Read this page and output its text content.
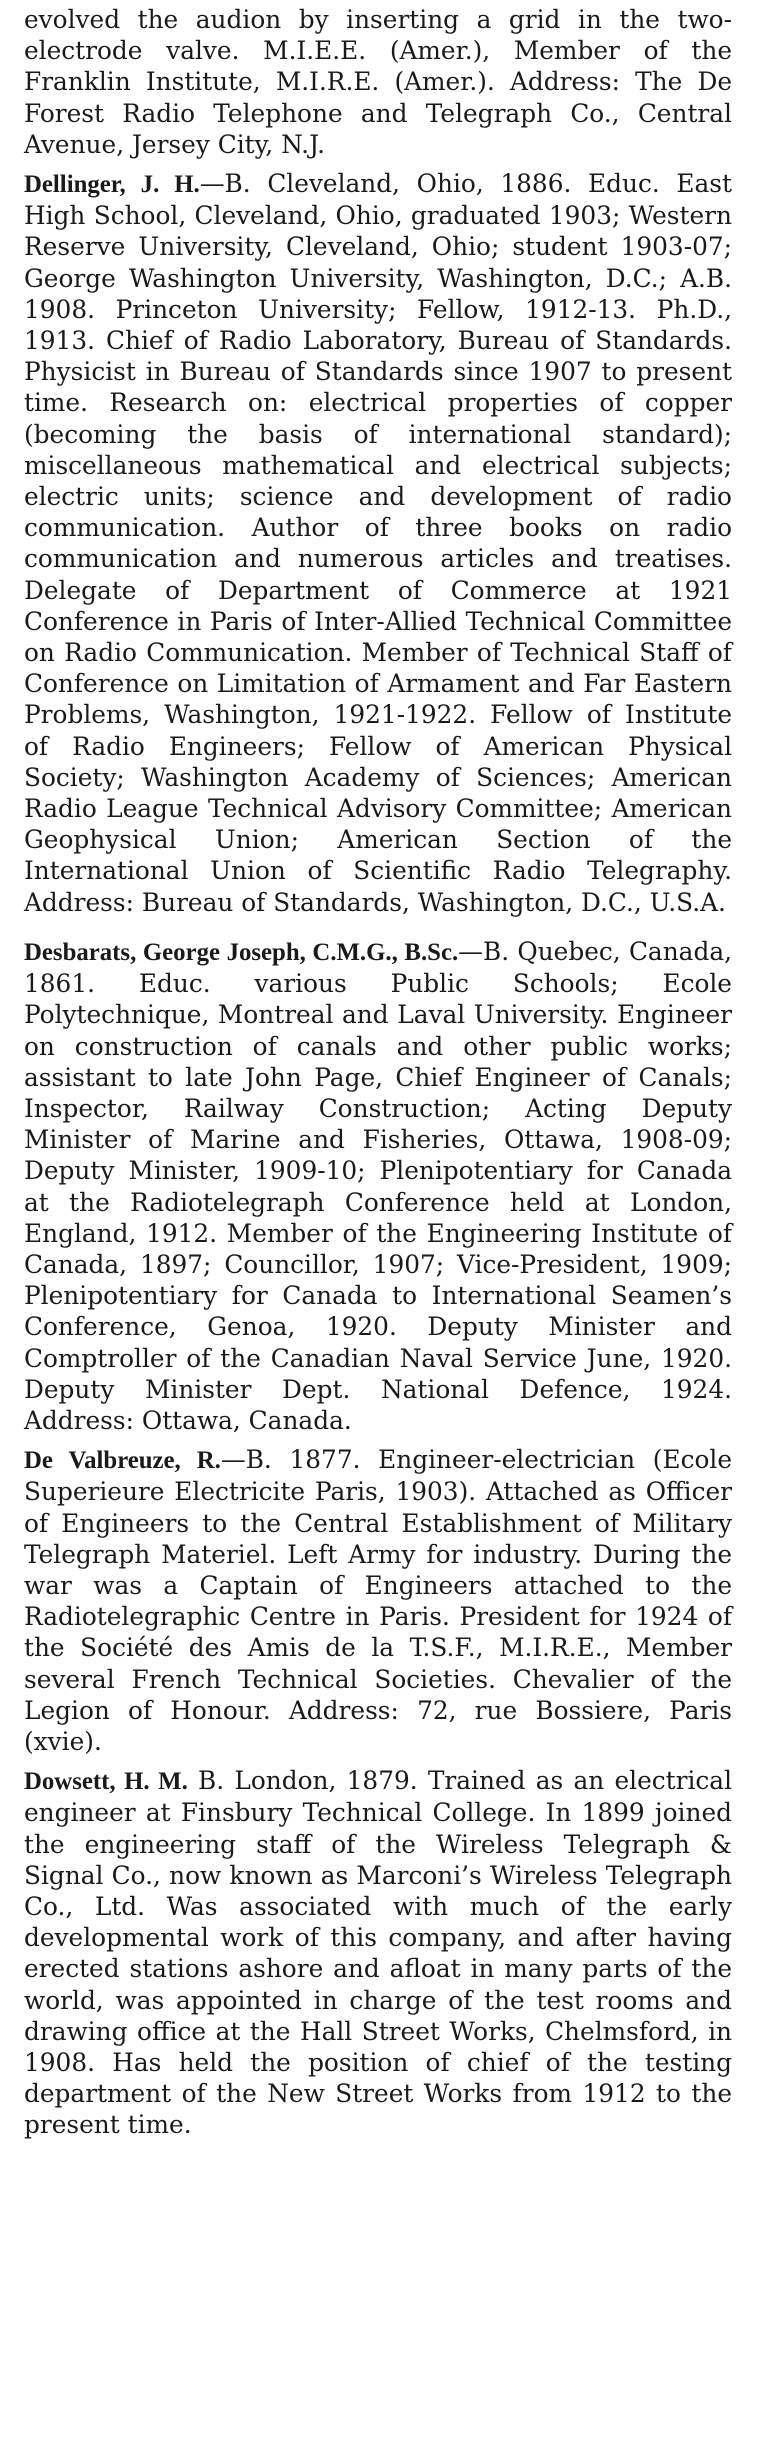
evolved the audion by inserting a grid in the two-electrode valve. M.I.E.E. (Amer.), Member of the Franklin Institute, M.I.R.E. (Amer.). Address: The De Forest Radio Telephone and Telegraph Co., Central Avenue, Jersey City, N.J.

Dellinger, J. H.—B. Cleveland, Ohio, 1886. Educ. East High School, Cleveland, Ohio, graduated 1903; Western Reserve University, Cleveland, Ohio; student 1903-07; George Washington University, Washington, D.C.; A.B. 1908. Princeton University; Fellow, 1912-13. Ph.D., 1913. Chief of Radio Laboratory, Bureau of Standards. Physicist in Bureau of Standards since 1907 to present time. Research on: electrical properties of copper (becoming the basis of international standard); miscellaneous mathematical and electrical subjects; electric units; science and development of radio communication. Author of three books on radio communication and numerous articles and treatises. Delegate of Department of Commerce at 1921 Conference in Paris of Inter-Allied Technical Committee on Radio Communication. Member of Technical Staff of Conference on Limitation of Armament and Far Eastern Problems, Washington, 1921-1922. Fellow of Institute of Radio Engineers; Fellow of American Physical Society; Washington Academy of Sciences; American Radio League Technical Advisory Committee; American Geophysical Union; American Section of the International Union of Scientific Radio Telegraphy. Address: Bureau of Standards, Washington, D.C., U.S.A.

Desbarats, George Joseph, C.M.G., B.Sc.—B. Quebec, Canada, 1861. Educ. various Public Schools; Ecole Polytechnique, Montreal and Laval University. Engineer on construction of canals and other public works; assistant to late John Page, Chief Engineer of Canals; Inspector, Railway Construction; Acting Deputy Minister of Marine and Fisheries, Ottawa, 1908-09; Deputy Minister, 1909-10; Plenipotentiary for Canada at the Radiotelegraph Conference held at London, England, 1912. Member of the Engineering Institute of Canada, 1897; Councillor, 1907; Vice-President, 1909; Plenipotentiary for Canada to International Seamen’s Conference, Genoa, 1920. Deputy Minister and Comptroller of the Canadian Naval Service June, 1920. Deputy Minister Dept. National Defence, 1924. Address: Ottawa, Canada.

De Valbreuze, R.—B. 1877. Engineer-electrician (Ecole Superieure Electricite Paris, 1903). Attached as Officer of Engineers to the Central Establishment of Military Telegraph Materiel. Left Army for industry. During the war was a Captain of Engineers attached to the Radiotelegraphic Centre in Paris. President for 1924 of the Société des Amis de la T.S.F., M.I.R.E., Member several French Technical Societies. Chevalier of the Legion of Honour. Address: 72, rue Bossiere, Paris (xvie).

Dowsett, H. M. B. London, 1879. Trained as an electrical engineer at Finsbury Technical College. In 1899 joined the engineering staff of the Wireless Telegraph & Signal Co., now known as Marconi’s Wireless Telegraph Co., Ltd. Was associated with much of the early developmental work of this company, and after having erected stations ashore and afloat in many parts of the world, was appointed in charge of the test rooms and drawing office at the Hall Street Works, Chelmsford, in 1908. Has held the position of chief of the testing department of the New Street Works from 1912 to the present time.
